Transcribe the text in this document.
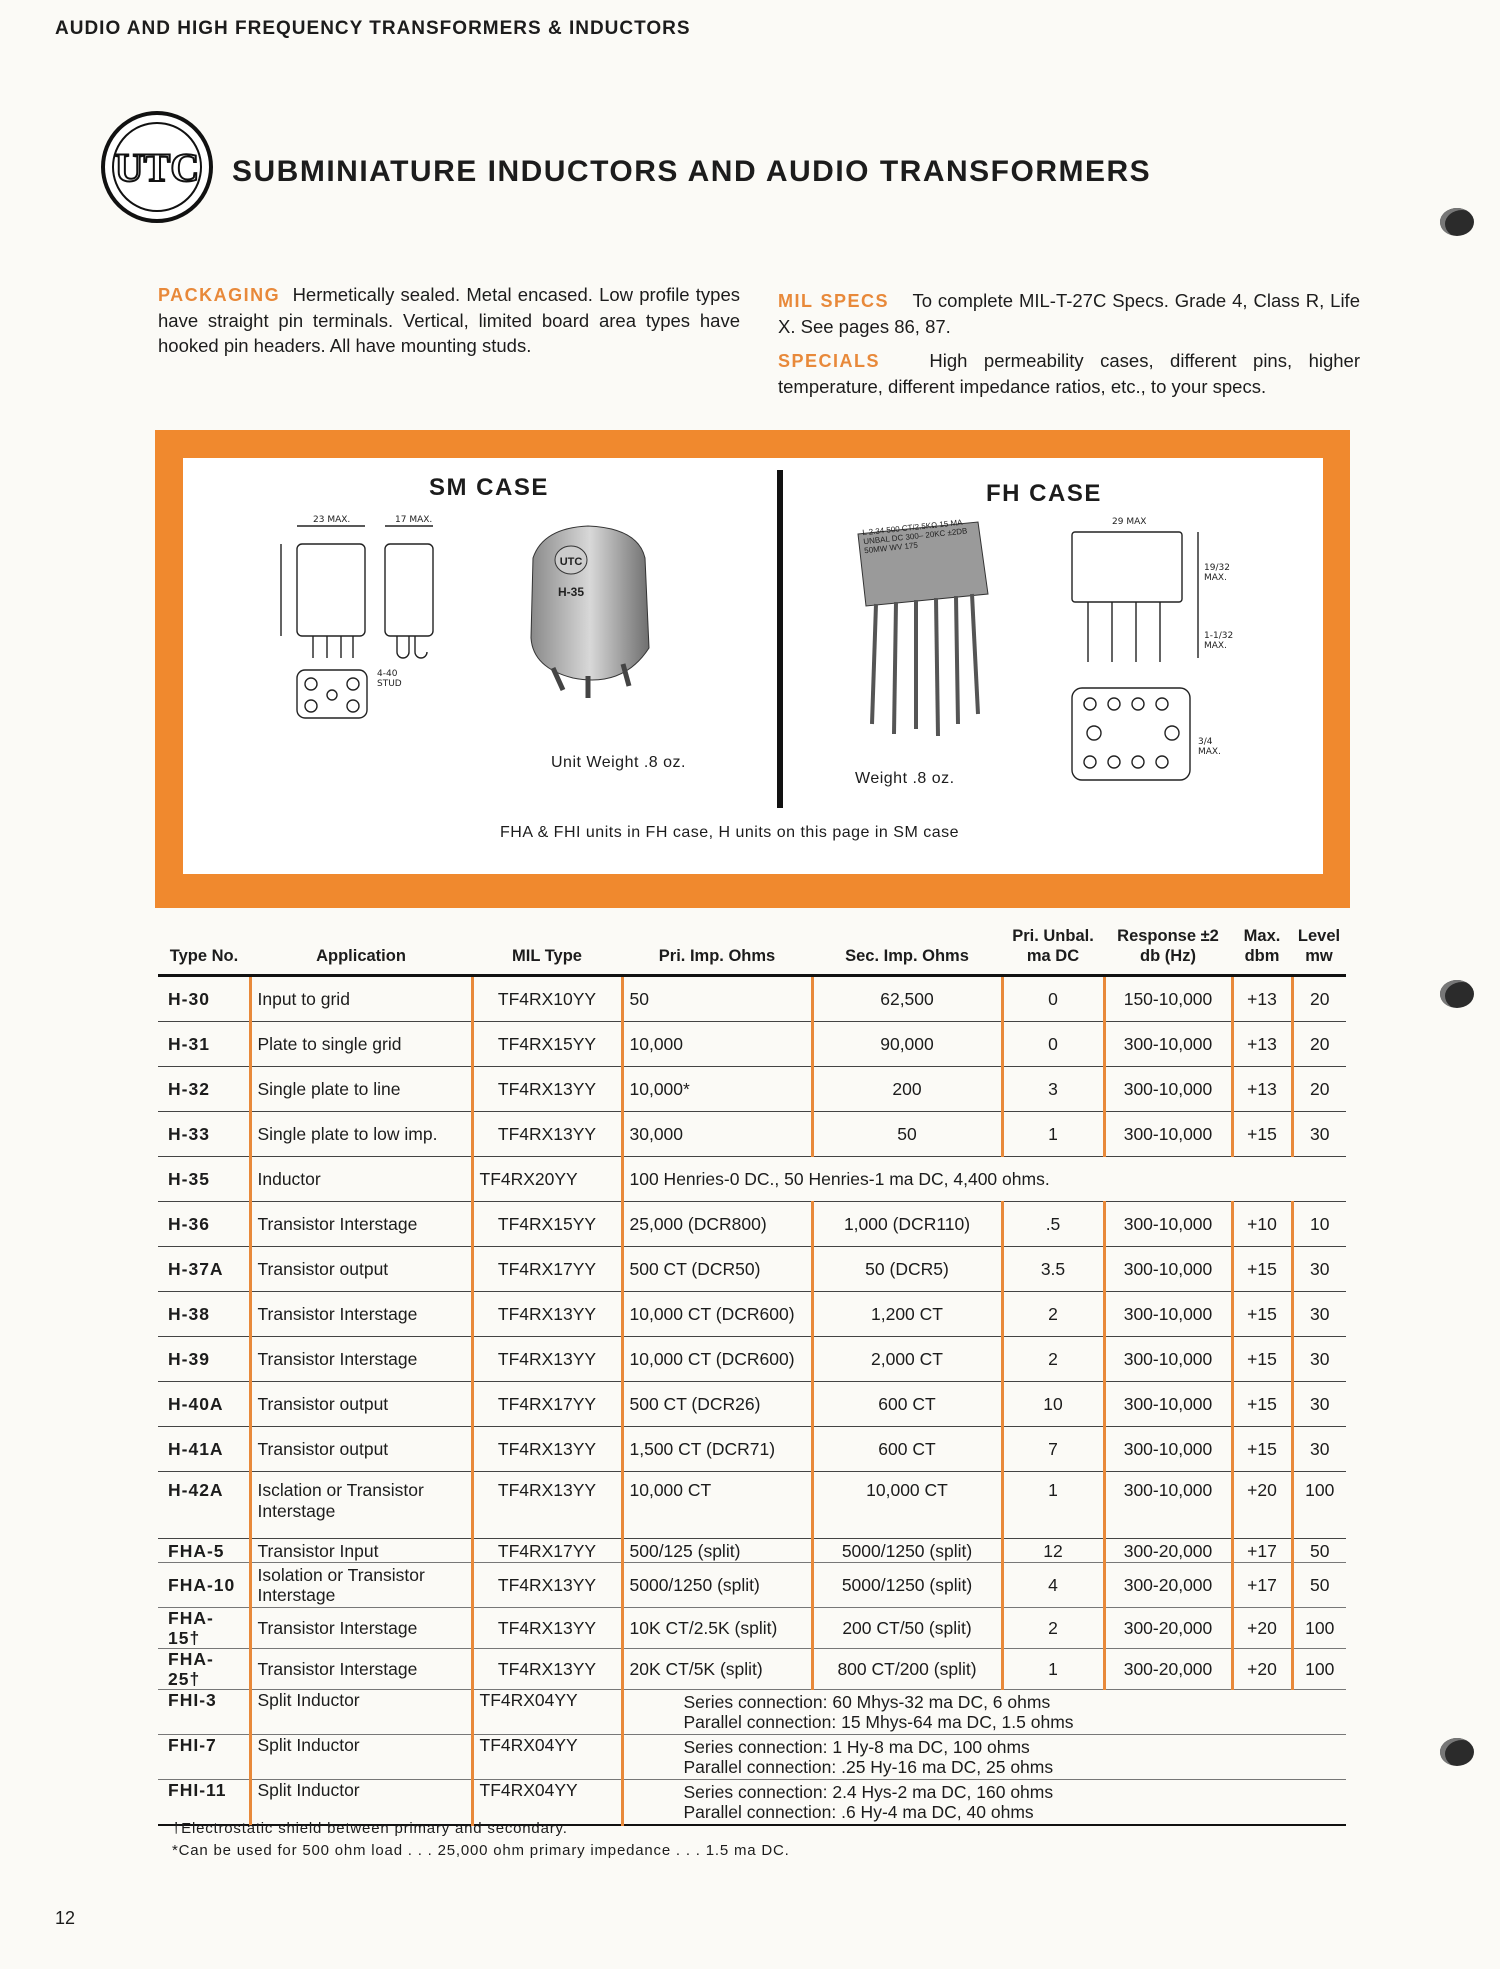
AUDIO AND HIGH FREQUENCY TRANSFORMERS & INDUCTORS
UTC SUBMINIATURE INDUCTORS AND AUDIO TRANSFORMERS
PACKAGING Hermetically sealed. Metal encased. Low profile types have straight pin terminals. Vertical, limited board area types have hooked pin headers. All have mounting studs.
MIL SPECS To complete MIL-T-27C Specs. Grade 4, Class R, Life X. See pages 86, 87.
SPECIALS	High permeability cases, different pins, higher temperature, different impedance ratios, etc., to your specs.
SM CASE	FH CASE
23 MAX.	17 MAX.
4-40
STUD
UTC
H-35
Unit Weight .8 oz.
L 2.34 500 CT/2.5KΩ 15 MA UNBAL DC 300– 20KC ±2DB 50MW WV 175
Weight .8 oz.
29 MAX
19/32
MAX.
1-1/32
MAX.
3/4
MAX.
FHA & FHI units in FH case, H units on this page in SM case
Type No.	Application	MIL Type	Pri. Imp. Ohms	Sec. Imp. Ohms	Pri. Unbal. ma DC	Response ±2 db (Hz)	Max. dbm	Level mw
H-30	Input to grid	TF4RX10YY	50	62,500	0	150-10,000	+13	20
H-31	Plate to single grid	TF4RX15YY	10,000	90,000	0	300-10,000	+13	20
H-32	Single plate to line	TF4RX13YY	10,000*	200	3	300-10,000	+13	20
H-33	Single plate to low imp.	TF4RX13YY	30,000	50	1	300-10,000	+15	30
H-35	Inductor	TF4RX20YY	100 Henries-0 DC., 50 Henries-1 ma DC, 4,400 ohms.					
H-36	Transistor Interstage	TF4RX15YY	25,000 (DCR800)	1,000 (DCR110)	.5	300-10,000	+10	10
H-37A	Transistor output	TF4RX17YY	500 CT (DCR50)	50 (DCR5)	3.5	300-10,000	+15	30
H-38	Transistor Interstage	TF4RX13YY	10,000 CT (DCR600)	1,200 CT	2	300-10,000	+15	30
H-39	Transistor Interstage	TF4RX13YY	10,000 CT (DCR600)	2,000 CT	2	300-10,000	+15	30
H-40A	Transistor output	TF4RX17YY	500 CT (DCR26)	600 CT	10	300-10,000	+15	30
H-41A	Transistor output	TF4RX13YY	1,500 CT (DCR71)	600 CT	7	300-10,000	+15	30
H-42A	Isclation or Transistor Interstage	TF4RX13YY	10,000 CT	10,000 CT	1	300-10,000	+20	100
FHA-5	Transistor Input	TF4RX17YY	500/125 (split)	5000/1250 (split)	12	300-20,000	+17	50
FHA-10	Isolation or Transistor Interstage	TF4RX13YY	5000/1250 (split)	5000/1250 (split)	4	300-20,000	+17	50
FHA-15†	Transistor Interstage	TF4RX13YY	10K CT/2.5K (split)	200 CT/50 (split)	2	300-20,000	+20	100
FHA-25†	Transistor Interstage	TF4RX13YY	20K CT/5K (split)	800 CT/200 (split)	1	300-20,000	+20	100
FHI-3	Split Inductor	TF4RX04YY	Series connection: 60 Mhys-32 ma DC, 6 ohms
Parallel connection: 15 Mhys-64 ma DC, 1.5 ohms					

FHI-7	Split Inductor	TF4RX04YY	Series connection: 1 Hy-8 ma DC, 100 ohms
Parallel connection: .25 Hy-16 ma DC, 25 ohms					

FHI-11	Split Inductor	TF4RX04YY	Series connection: 2.4 Hys-2 ma DC, 160 ohms
Parallel connection: .6 Hy-4 ma DC, 40 ohms					
†Electrostatic shield between primary and secondary.
*Can be used for 500 ohm load . . . 25,000 ohm primary impedance . . . 1.5 ma DC.
12
